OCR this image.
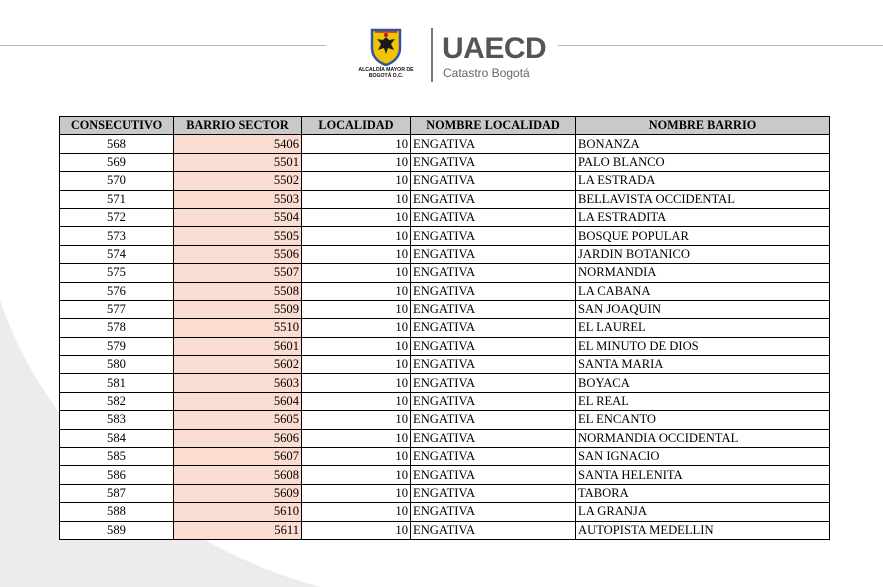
ALCALDÍA MAYOR DE BOGOTÁ D.C.
UAECD
Catastro Bogotá
CONSECUTIVO	BARRIO SECTOR	LOCALIDAD	NOMBRE LOCALIDAD	NOMBRE BARRIO
568	5406	10	ENGATIVA	BONANZA
569	5501	10	ENGATIVA	PALO BLANCO
570	5502	10	ENGATIVA	LA ESTRADA
571	5503	10	ENGATIVA	BELLAVISTA OCCIDENTAL
572	5504	10	ENGATIVA	LA ESTRADITA
573	5505	10	ENGATIVA	BOSQUE POPULAR
574	5506	10	ENGATIVA	JARDIN BOTANICO
575	5507	10	ENGATIVA	NORMANDIA
576	5508	10	ENGATIVA	LA CABANA
577	5509	10	ENGATIVA	SAN JOAQUIN
578	5510	10	ENGATIVA	EL LAUREL
579	5601	10	ENGATIVA	EL MINUTO DE DIOS
580	5602	10	ENGATIVA	SANTA MARIA
581	5603	10	ENGATIVA	BOYACA
582	5604	10	ENGATIVA	EL REAL
583	5605	10	ENGATIVA	EL ENCANTO
584	5606	10	ENGATIVA	NORMANDIA OCCIDENTAL
585	5607	10	ENGATIVA	SAN IGNACIO
586	5608	10	ENGATIVA	SANTA HELENITA
587	5609	10	ENGATIVA	TABORA
588	5610	10	ENGATIVA	LA GRANJA
589	5611	10	ENGATIVA	AUTOPISTA MEDELLIN
